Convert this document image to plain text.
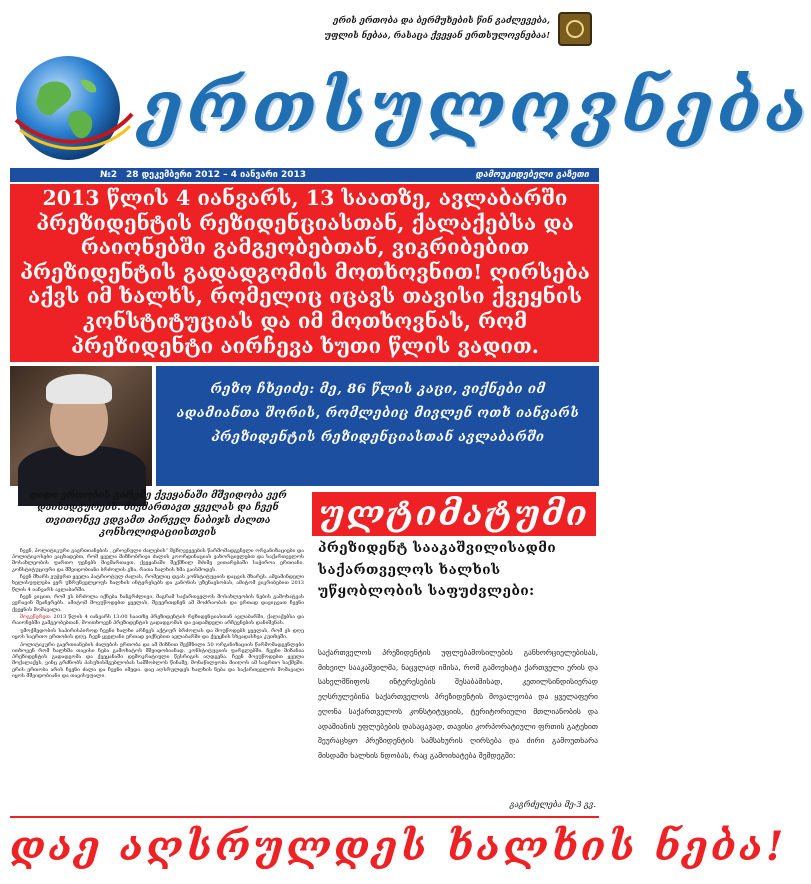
ერის ერთობა და ბერმუხების წინ გაძლევება,
უფლის ნებაა, რასაცა ქვეყან ერთსულოვნებაა!
ერთსულოვნება
№2 28 დეკემბერი 2012 – 4 იანვარი 2013	დამოუკიდებელი გაზეთი
2013 წლის 4 იანვარს, 13 საათზე, ავლაბარში პრეზიდენტის რეზიდენციასთან, ქალაქებსა და რაიონებში გამგეობებთან, ვიკრიბებით პრეზიდენტის გადადგომის მოთხოვნით! ღირსება აქვს იმ ხალხს, რომელიც იცავს თავისი ქვეყნის კონსტიტუციას და იმ მოთხოვნას, რომ პრეზიდენტი აირჩევა ხუთი წლის ვადით.
რეზო ჩხეიძე: მე, 86 წლის კაცი, ვიქნები იმ ადამიანთა შორის, რომლებიც მივლენ ოთხ იანვარს პრეზიდენტის რეზიდენციასთან ავლაბარში
დიდი ერთობის გარეშე ქვეყანაში მშვიდობა ვერ დაისადგურებს. მივმართავთ ყველას და ჩვენ თვითონვე ვდგამთ პირველ ნაბიჯს ძალთა კონსოლიდაციისთვის

ჩვენ, პოლიტიკური გაერთიანების ,,ეროვნული ძალების“ მეზღვევეების წარმომადგენელი ორგანიზაციები და პოლიტიკოსები ვაცხადებთ, რომ ყველა მიზნობრივი ძალის კოორდინაციას ვახორციელებთ და საქართველოს მოსახლეობის ფართო ფენებს მივმართავთ. ქვეყანაში შექმნილ მძიმე ვითარებაში საჭიროა ერთიანი, კონსტიტუციური და მშვიდობიანი ბრძოლის გზა, რათა ხალხის ხმა გაისმოდეს.

ჩვენ მხარს ვუჭერთ ყველა პატრიოტულ ძალას, რომელიც დგას კონსტიტუციის დაცვის მხარეს. ამჟამინდელი ხელისუფლება ვერ უზრუნველყოფს ხალხის ინტერესებს და კანონის უზენაესობას, ამიტომ ვიკრიბებით 2013 წლის 4 იანვარს ავლაბარში.

ჩვენ ვიცით, რომ ეს ბრძოლა იქნება ხანგრძლივი, მაგრამ საქართველოს მოსახლეობის ნების გამოხატვას ვერავინ შეაჩერებს. ამიტომ მოვუწოდებთ ყველას, შეუერთდნენ ამ მოძრაობას და ერთად დავიცვათ ჩვენი ქვეყნის მომავალი.

მოგვწერეთ: 2013 წლის 4 იანვარს 13:00 საათზე პრეზიდენტის რეზიდენციასთან ავლაბარში, ქალაქებსა და რაიონებში გამგეობებთან, მოითხოვენ პრეზიდენტის გადადგომას და ვადამდელი არჩევნების დანიშვნას.

უმოქმედობის საპირისპიროდ ჩვენი ხალხი არჩევს აქტიურ ბრძოლას და მოუწოდებს ყველას, რომ ეს დღე იყოს საერთო ერთობის დღე. ჩვენ ყველანი ერთად ვიქნებით ავლაბარში და ქვეყნის სხვადასხვა კუთხეში.

პოლიტიკური გაერთიანების ძალების ერთობა და ამ მიზნით შექმნილი 50 ორგანიზაციის წარმომადგენლები ითხოვენ რომ ხალხმა თავისი ნება გამოხატოს მშვიდობიანად, კონსტიტუციის ფარგლებში. ჩვენი მიზანია პრეზიდენტის გადადგომა და ქვეყანაში დემოკრატიული წესრიგის აღდგენა. ჩვენ მოვუწოდებთ ყველა მოქალაქეს, ვინც გრძნობს პასუხისმგებლობას სამშობლოს წინაშე, მონაწილეობა მიიღოს ამ საერთო საქმეში. ერის ერთობა არის ჩვენი ძალა და ჩვენი იმედი. დაე აღსრულდეს ხალხის ნება და საქართველოს მომავალი იყოს მშვიდობიანი და თავისუფალი.

ულტიმატუმი
პრეზიდენტ სააკაშვილისადმი საქართველოს ხალხის უწყობლობის საფუძვლები:
საქართველოს პრეზიდენტის უფლებამოსილების განხორციელებისას, მიხეილ სააკაშვილმა, ნაცვლად იმისა, რომ გამოეხატა ქართველი ერის და სახელმწიფოს ინტერესების შესაბამისად, კეთილსინდისიერად ეღსრულებინა საქართველოს პრეზიდენტის მოვალეობა და ყველაფერი ეღონა საქართველოს კონსტიტუციის, ტერიტორიული მთლიანობის და ადამიანის უფლებების დასაცავად, თავისი კორპორატიული ფრთის გატეხით შეურაცხყო პრეზიდენტის სამსახურის ღირსება და ძირი გამოუთხარა მისდამი ხალხის ნდობას, რაც გამოიხატება შემდეგში:
გაგრძელება მე-3 გვ.
დაე აღსრულდეს ხალხის ნება!
